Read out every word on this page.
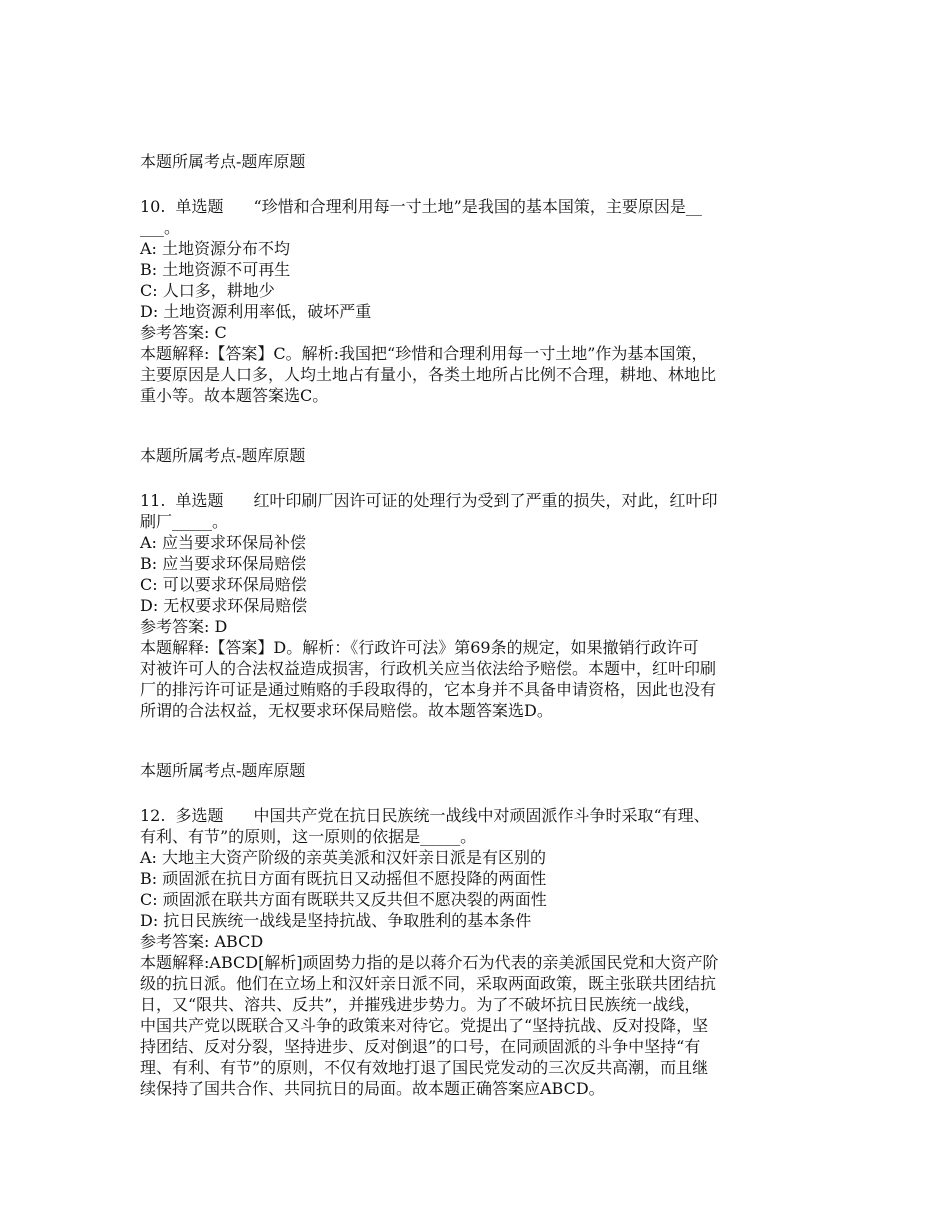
本题所属考点-题库原题
10. 单选题 “珍惜和合理利用每一寸土地”是我国的基本国策，主要原因是__
___。
A: 土地资源分布不均
B: 土地资源不可再生
C: 人口多，耕地少
D: 土地资源利用率低，破坏严重
参考答案: C
本题解释:【答案】C。解析:我国把“珍惜和合理利用每一寸土地”作为基本国策，
主要原因是人口多，人均土地占有量小，各类土地所占比例不合理，耕地、林地比
重小等。故本题答案选C。
本题所属考点-题库原题
11. 单选题 红叶印刷厂因许可证的处理行为受到了严重的损失，对此，红叶印
刷厂_____。
A: 应当要求环保局补偿
B: 应当要求环保局赔偿
C: 可以要求环保局赔偿
D: 无权要求环保局赔偿
参考答案: D
本题解释:【答案】D。解析：《行政许可法》第69条的规定，如果撤销行政许可
对被许可人的合法权益造成损害，行政机关应当依法给予赔偿。本题中，红叶印刷
厂的排污许可证是通过贿赂的手段取得的，它本身并不具备申请资格，因此也没有
所谓的合法权益，无权要求环保局赔偿。故本题答案选D。
本题所属考点-题库原题
12. 多选题 中国共产党在抗日民族统一战线中对顽固派作斗争时采取“有理、
有利、有节”的原则，这一原则的依据是_____。
A: 大地主大资产阶级的亲英美派和汉奸亲日派是有区别的
B: 顽固派在抗日方面有既抗日又动摇但不愿投降的两面性
C: 顽固派在联共方面有既联共又反共但不愿决裂的两面性
D: 抗日民族统一战线是坚持抗战、争取胜利的基本条件
参考答案: ABCD
本题解释:ABCD[解析]顽固势力指的是以蒋介石为代表的亲美派国民党和大资产阶
级的抗日派。他们在立场上和汉奸亲日派不同，采取两面政策，既主张联共团结抗
日，又“限共、溶共、反共”，并摧残进步势力。为了不破坏抗日民族统一战线，
中国共产党以既联合又斗争的政策来对待它。党提出了“坚持抗战、反对投降，坚
持团结、反对分裂，坚持进步、反对倒退”的口号，在同顽固派的斗争中坚持“有
理、有利、有节”的原则，不仅有效地打退了国民党发动的三次反共高潮，而且继
续保持了国共合作、共同抗日的局面。故本题正确答案应ABCD。
